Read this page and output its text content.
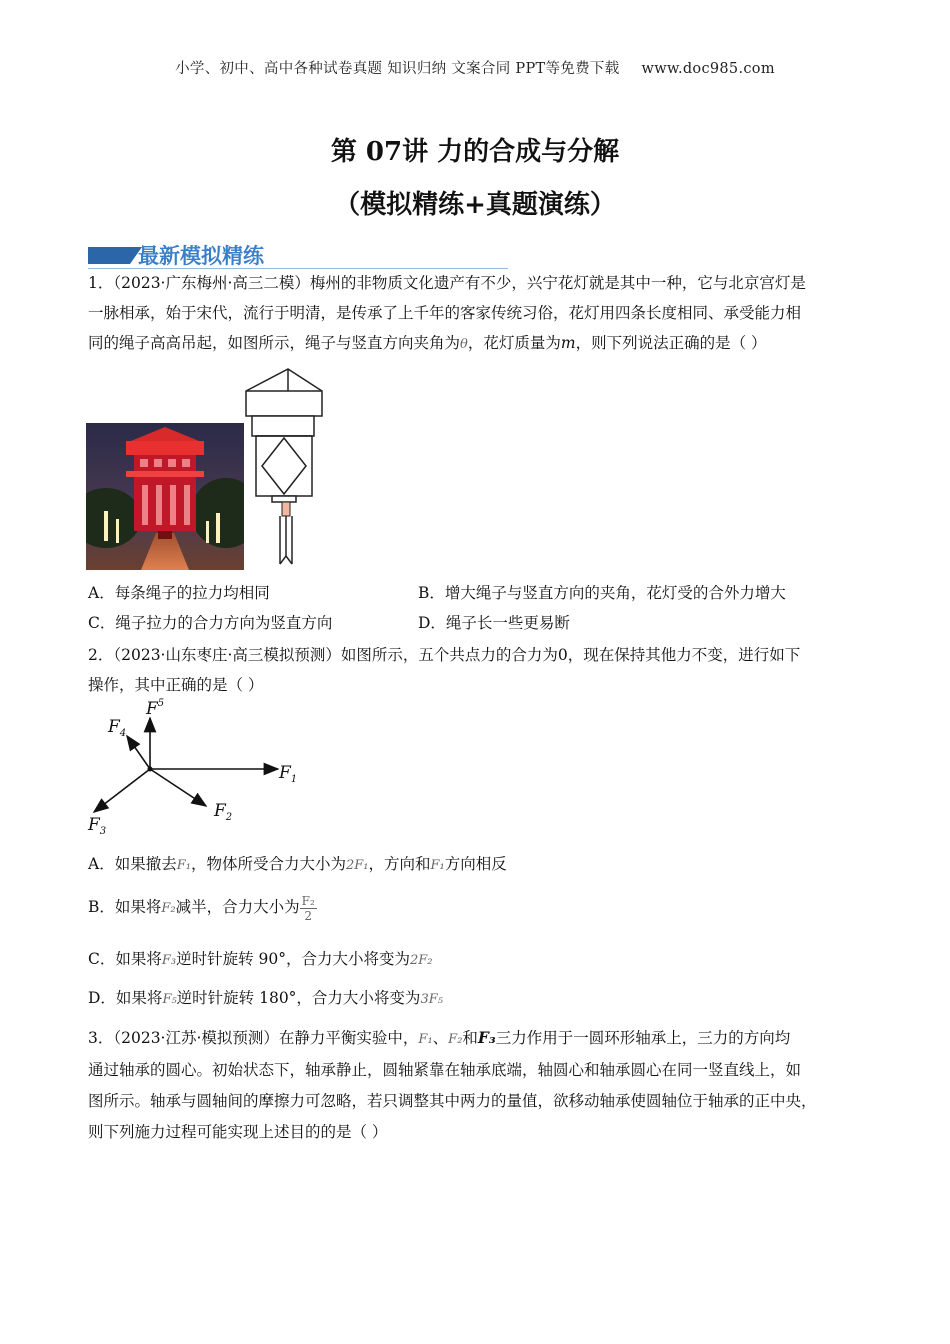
小学、初中、高中各种试卷真题 知识归纳 文案合同 PPT等免费下载 www.doc985.com
第 07讲 力的合成与分解
（模拟精练+真题演练）
最新模拟精练
1．（2023·广东梅州·高三二模）梅州的非物质文化遗产有不少，兴宁花灯就是其中一种，它与北京宫灯是
一脉相承，始于宋代，流行于明清，是传承了上千年的客家传统习俗，花灯用四条长度相同、承受能力相
同的绳子高高吊起，如图所示，绳子与竖直方向夹角为θ，花灯质量为m，则下列说法正确的是（ ）
A．每条绳子的拉力均相同	B．增大绳子与竖直方向的夹角，花灯受的合外力增大
C．绳子拉力的合力方向为竖直方向	D．绳子长一些更易断
2．（2023·山东枣庄·高三模拟预测）如图所示，五个共点力的合力为0，现在保持其他力不变，进行如下
操作，其中正确的是（ ）
$F_1$
$F_2$
$F_3$
$F_4$
$F^5$
A．如果撤去F₁，物体所受合力大小为2F₁，方向和F₁方向相反
B．如果将F₂减半，合力大小为 $\frac{\text{F₂}}{2}$
C．如果将F₃逆时针旋转 90°，合力大小将变为2F₂
D．如果将F₅逆时针旋转 180°，合力大小将变为3F₅
3．（2023·江苏·模拟预测）在静力平衡实验中，F₁、F₂和F₃三力作用于一圆环形轴承上，三力的方向均
通过轴承的圆心。初始状态下，轴承静止，圆轴紧靠在轴承底端，轴圆心和轴承圆心在同一竖直线上，如
图所示。轴承与圆轴间的摩擦力可忽略，若只调整其中两力的量值，欲移动轴承使圆轴位于轴承的正中央，
则下列施力过程可能实现上述目的的是（ ）
